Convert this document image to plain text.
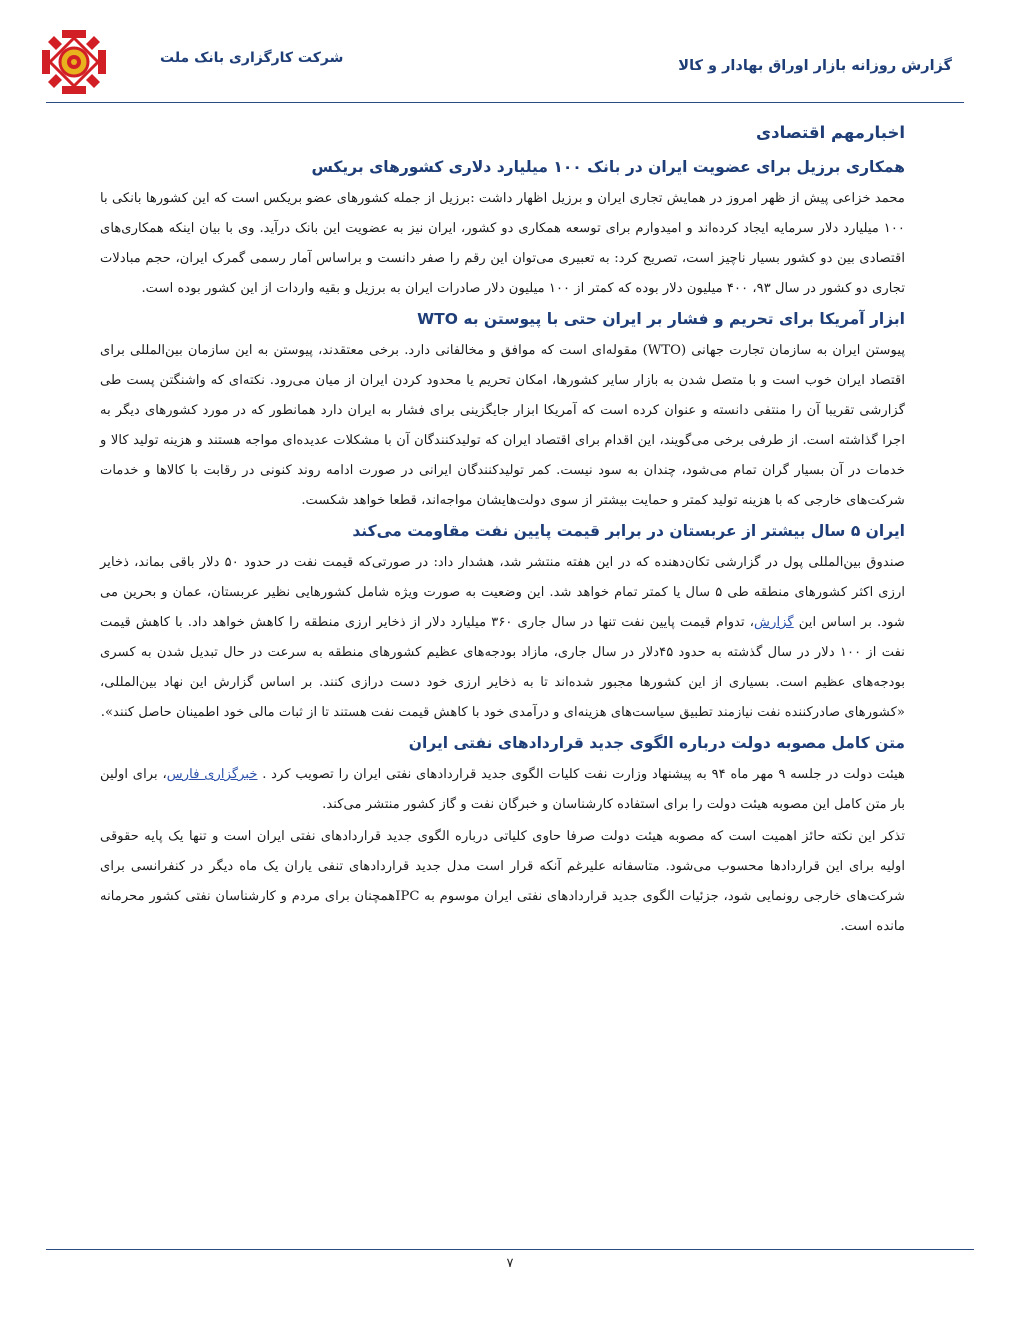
گزارش روزانه بازار اوراق بهادار و کالا
شرکت کارگزاری بانک ملت
اخبارمهم اقتصادی
همکاری برزیل برای عضویت ایران در بانک ۱۰۰ میلیارد دلاری کشورهای بریکس

محمد خزاعی پیش از ظهر امروز در همایش تجاری ایران و برزیل اظهار داشت :برزیل از جمله کشورهای عضو بریکس است که این کشورها بانکی با ۱۰۰ میلیارد دلار سرمایه ایجاد کرده‌اند و امیدوارم برای توسعه همکاری دو کشور، ایران نیز به عضویت این بانک درآید. وی با بیان اینکه همکاری‌های اقتصادی بین دو کشور بسیار ناچیز است، تصریح کرد: به تعبیری می‌توان این رقم را صفر دانست و براساس آمار رسمی گمرک ایران، حجم مبادلات تجاری دو کشور در سال ۹۳، ۴۰۰ میلیون دلار بوده که کمتر از ۱۰۰ میلیون دلار صادرات ایران به برزیل و بقیه واردات از این کشور بوده است.

ابزار آمریکا برای تحریم و فشار بر ایران حتی با پیوستن به WTO

پیوستن ایران به سازمان تجارت جهانی (WTO) مقوله‌ای است که موافق و مخالفانی دارد. برخی معتقدند، پیوستن به این سازمان بین‌المللی برای اقتصاد ایران خوب است و با متصل شدن به بازار سایر کشورها، امکان تحریم یا محدود کردن ایران از میان می‌رود. نکته‌ای که واشنگتن پست طی گزارشی تقریبا آن را منتفی دانسته و عنوان کرده است که آمریکا ابزار جایگزینی برای فشار به ایران دارد همانطور که در مورد کشورهای دیگر به اجرا گذاشته است. از طرفی برخی می‌گویند، این اقدام برای اقتصاد ایران که تولیدکنندگان آن با مشکلات عدیده‌ای مواجه هستند و هزینه تولید کالا و خدمات در آن بسیار گران تمام می‌شود، چندان به سود نیست. کمر تولیدکنندگان ایرانی در صورت ادامه روند کنونی در رقابت با کالاها و خدمات شرکت‌های خارجی که با هزینه تولید کمتر و حمایت بیشتر از سوی دولت‌هایشان مواجه‌اند، قطعا خواهد شکست.

ایران ۵ سال بیشتر از عربستان در برابر قیمت پایین نفت مقاومت می‌کند

صندوق بین‌المللی پول در گزارشی تکان‌دهنده که در این هفته منتشر شد، هشدار داد: در صورتی‌که قیمت نفت در حدود ۵۰ دلار باقی بماند، ذخایر ارزی اکثر کشورهای منطقه طی ۵ سال یا کمتر تمام خواهد شد. این وضعیت به صورت ویژه شامل کشورهایی نظیر عربستان، عمان و بحرین می شود. بر اساس این گزارش، تدوام قیمت پایین نفت تنها در سال جاری ۳۶۰ میلیارد دلار از ذخایر ارزی منطقه را کاهش خواهد داد. با کاهش قیمت نفت از ۱۰۰ دلار در سال گذشته به حدود ۴۵دلار در سال جاری، مازاد بودجه‌های عظیم کشورهای منطقه به سرعت در حال تبدیل شدن به کسری بودجه‌های عظیم است. بسیاری از این کشورها مجبور شده‌اند تا به ذخایر ارزی خود دست درازی کنند. بر اساس گزارش این نهاد بین‌المللی، «کشورهای صادرکننده نفت نیازمند تطبیق سیاست‌های هزینه‌ای و درآمدی خود با کاهش قیمت نفت هستند تا از ثبات مالی خود اطمینان حاصل کنند».

متن کامل مصوبه دولت درباره الگوی جدید قراردادهای نفتی ایران

هیئت دولت در جلسه ۹ مهر ماه ۹۴ به پیشنهاد وزارت نفت کلیات الگوی جدید قراردادهای نفتی ایران را تصویب کرد . خبرگزاری فارس، برای اولین بار متن کامل این مصوبه هیئت دولت را برای استفاده کارشناسان و خبرگان نفت و گاز کشور منتشر می‌کند.

تذکر این نکته حائز اهمیت است که مصوبه هیئت دولت صرفا حاوی کلیاتی درباره الگوی جدید قراردادهای نفتی ایران است و تنها یک پایه حقوقی اولیه برای این قراردادها محسوب می‌شود. متاسفانه علیرغم آنکه قرار است مدل جدید قراردادهای تنفی یاران یک ماه دیگر در کنفرانسی برای شرکت‌های خارجی رونمایی شود، جزئیات الگوی جدید قراردادهای نفتی ایران موسوم به IPCهمچنان برای مردم و کارشناسان نفتی کشور محرمانه مانده است.

۷
